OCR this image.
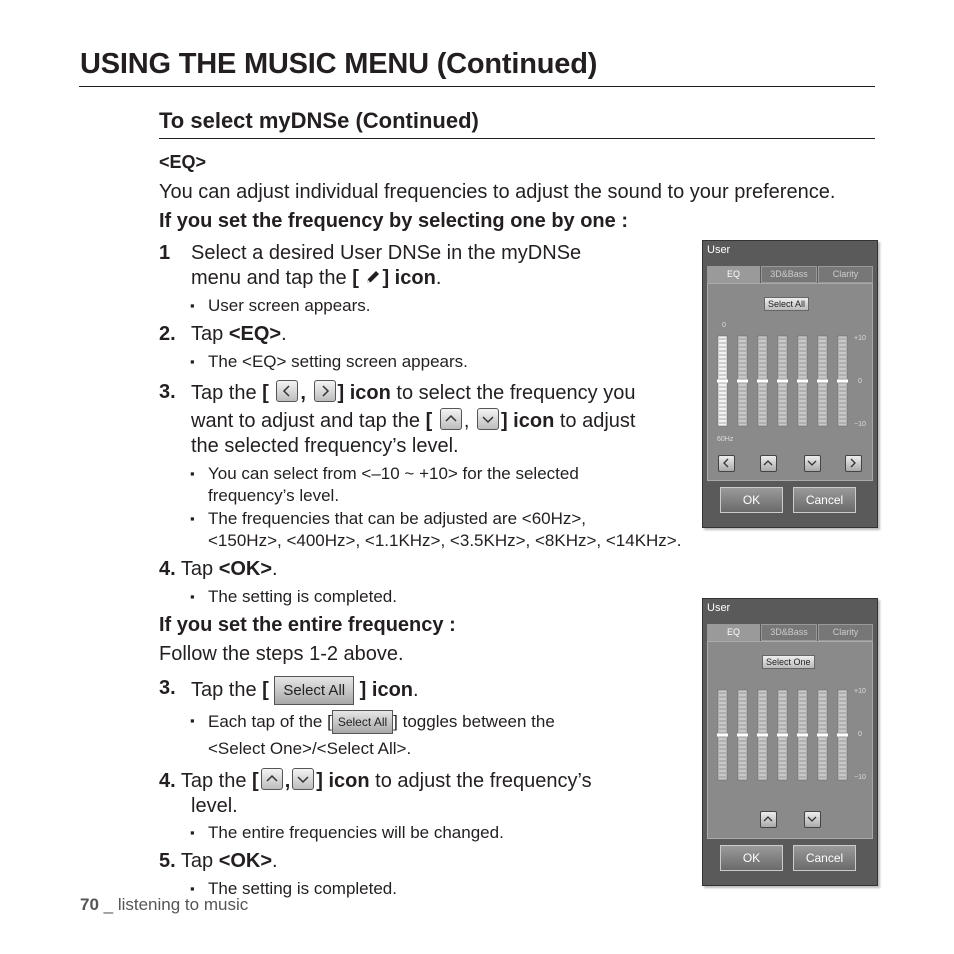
USING THE MUSIC MENU (Continued)
To select myDNSe (Continued)
<EQ>
You can adjust individual frequencies to adjust the sound to your preference.
If you set the frequency by selecting one by one :
1 Select a desired User DNSe in the myDNSe
menu and tap the [ ] icon.
▪ User screen appears.
2. Tap <EQ>.
▪ The <EQ> setting screen appears.
3. Tap the [ , ] icon to select the frequency you
want to adjust and tap the [ ,
] icon to adjust
the selected frequency’s level.
▪ You can select from <–10 ~ +10> for the selected
frequency’s level.
▪ The frequencies that can be adjusted are <60Hz>,
<150Hz>, <400Hz>, <1.1KHz>, <3.5KHz>, <8KHz>, <14KHz>.
4. Tap <OK>.
▪ The setting is completed.
If you set the entire frequency :
Follow the steps 1-2 above.
3. Tap the [ Select All ] icon.
▪ Each tap of the [ Select All ] toggles between the
<Select One>/<Select All>.
4. Tap the [ , ] icon to adjust the frequency’s
level.
▪ The entire frequencies will be changed.
5. Tap <OK>.
▪ The setting is completed.
70 _ listening to music
User
EQ	3D&Bass	Clarity
Select All
0
+10
0
−10
60Hz
OK	Cancel
User
EQ	3D&Bass	Clarity
Select One
+10
0
−10
OK	Cancel
